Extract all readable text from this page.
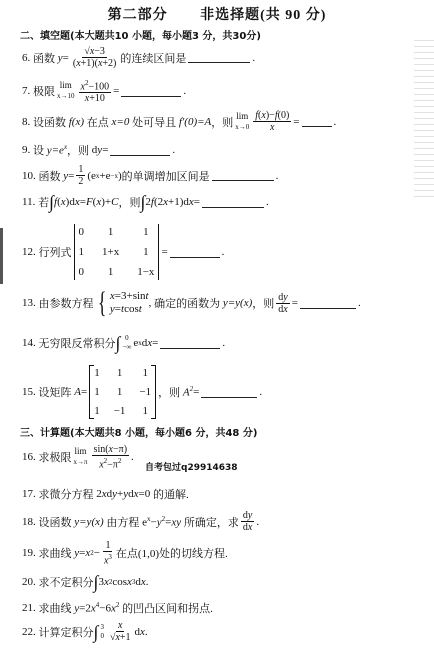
第二部分 非选择题(共 90 分)
二、填空题(本大题共10 小题，每小题3 分，共30分)
6.
函数 $y = \frac{√x-3}{(x+1)(x+2)}$ 的连续区间是	.
7.
极限
lim
$x\to 10 \frac{x^2-100}{x+10}$ =	.
8.
设函数 f(x) 在点 x=0 处可导且 f′(0)=A ，则
lim
$x\to 0 \frac{f(x)-f(0)}{x}$ =	.
9.
设 $y=e^x$ ，则 dy=	.
10.
函数 $y = \frac{1}{2} (e$ x +e −x ) 的单调增加区间是	.
11.
若 ∫ f ( x )d x = F ( x )+ C ，则 ∫ 2 f (2 x +1)d x =	.
12.
行列式
0	1	1
1 1+x	1
0	1	1−x
=	.
13.
由参数方程 { x=3+sint
y=tcost , 确定的函数为 y=y(x) ，则 $\frac{dy}{dx}$ =	.
14.
无穷限反常积分 ∫ 0
−∞ e x d x =	.
15.
设矩阵 A =
1 1 1
1 1 −1
1 −1 1
，则 $A^2$ =	.
三、计算题(本大题共8 小题，每小题6 分，共48 分)
16.
求极限
lim
$x\to\pi \frac{\sin(x-\pi)}{x^2-\pi^2}$ .
自考包过q29914638
17.
求微分方程 2xdy+ydx=0 的通解.
18.
设函数 y=y(x) 由方程 $e^x-y^2=xy$ 所确定，求 $\frac{dy}{dx}$ .
19.
求曲线 y = x $2 - \frac{1}{x^3}$ 在点(1,0)处的切线方程.
20.
求不定积分 ∫ 3 x 2 cos x 3 d x .
21.
求曲线 $y=2x^4-6x^2$ 的凹凸区间和拐点.
22.
计算定积分 ∫ 3
$0 \frac{x}{√x+1}$ d x .
